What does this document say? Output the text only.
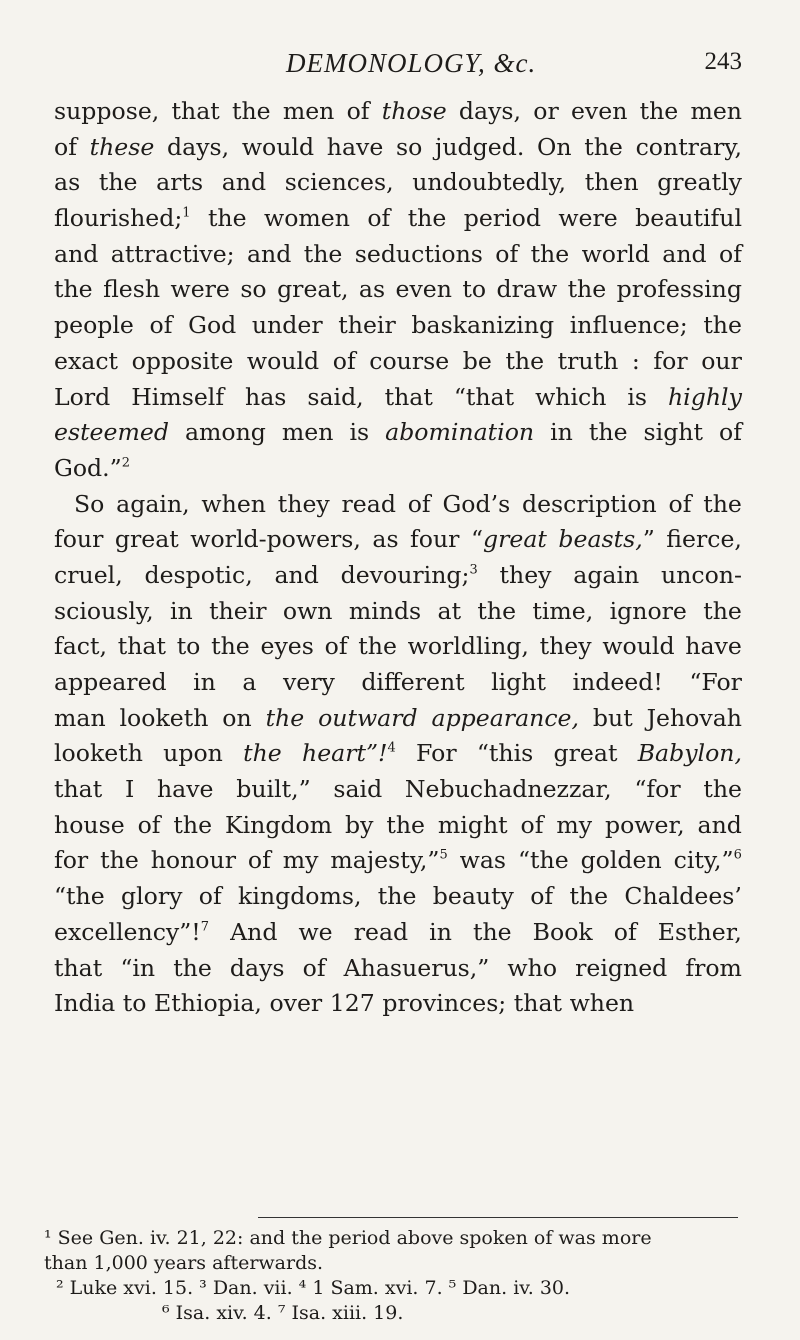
DEMONOLOGY, &c.	243
suppose, that the men of those days, or even the men
of these days, would have so judged. On the contrary,
as the arts and sciences, undoubtedly, then greatly
flourished;$^1$ the women of the period were beautiful
and attractive; and the seductions of the world and of
the flesh were so great, as even to draw the professing
people of God under their baskanizing influence; the
exact opposite would of course be the truth : for our
Lord Himself has said, that “that which is highly
esteemed among men is abomination in the sight of
God.”$^2$
So again, when they read of God’s description of the
four great world-powers, as four “great beasts,” fierce,
cruel, despotic, and devouring;$^3$ they again uncon-
sciously, in their own minds at the time, ignore the
fact, that to the eyes of the worldling, they would have
appeared in a very different light indeed! “For
man looketh on the outward appearance, but Jehovah
looketh upon the heart”!$^4$ For “this great Babylon,
that I have built,” said Nebuchadnezzar, “for the
house of the Kingdom by the might of my power, and
for the honour of my majesty,”$^5$ was “the golden city,”$^6$
“the glory of kingdoms, the beauty of the Chaldees’
excellency”!$^7$ And we read in the Book of Esther,
that “in the days of Ahasuerus,” who reigned from
India to Ethiopia, over 127 provinces; that when
¹ See Gen. iv. 21, 22: and the period above spoken of was more
than 1,000 years afterwards.
² Luke xvi. 15. ³ Dan. vii. ⁴ 1 Sam. xvi. 7. ⁵ Dan. iv. 30.
⁶ Isa. xiv. 4. ⁷ Isa. xiii. 19.
